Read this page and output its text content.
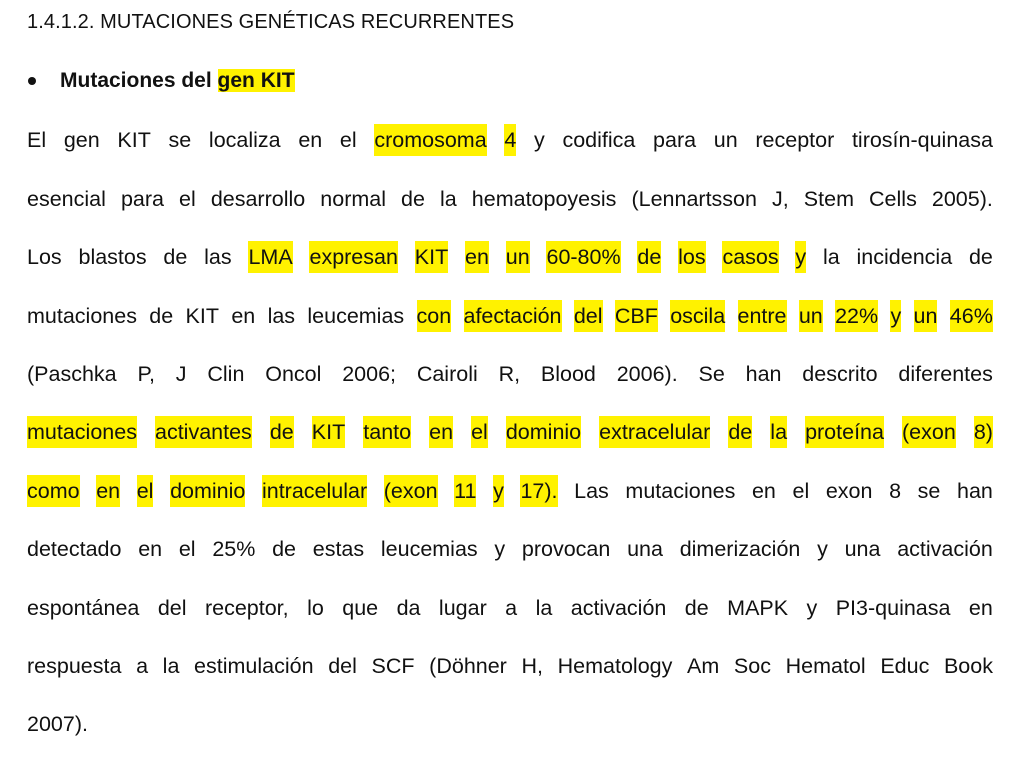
1.4.1.2. MUTACIONES GENÉTICAS RECURRENTES
Mutaciones del gen KIT
El gen KIT se localiza en el cromosoma 4 y codifica para un receptor tirosín-quinasa
esencial para el desarrollo normal de la hematopoyesis (Lennartsson J, Stem Cells 2005).
Los blastos de las LMA expresan KIT en un 60-80% de los casos y la incidencia de
mutaciones de KIT en las leucemias con afectación del CBF oscila entre un 22% y un 46%
(Paschka P, J Clin Oncol 2006; Cairoli R, Blood 2006). Se han descrito diferentes
mutaciones activantes de KIT tanto en el dominio extracelular de la proteína (exon 8)
como en el dominio intracelular (exon 11 y 17). Las mutaciones en el exon 8 se han
detectado en el 25% de estas leucemias y provocan una dimerización y una activación
espontánea del receptor, lo que da lugar a la activación de MAPK y PI3-quinasa en
respuesta a la estimulación del SCF (Döhner H, Hematology Am Soc Hematol Educ Book
2007).
